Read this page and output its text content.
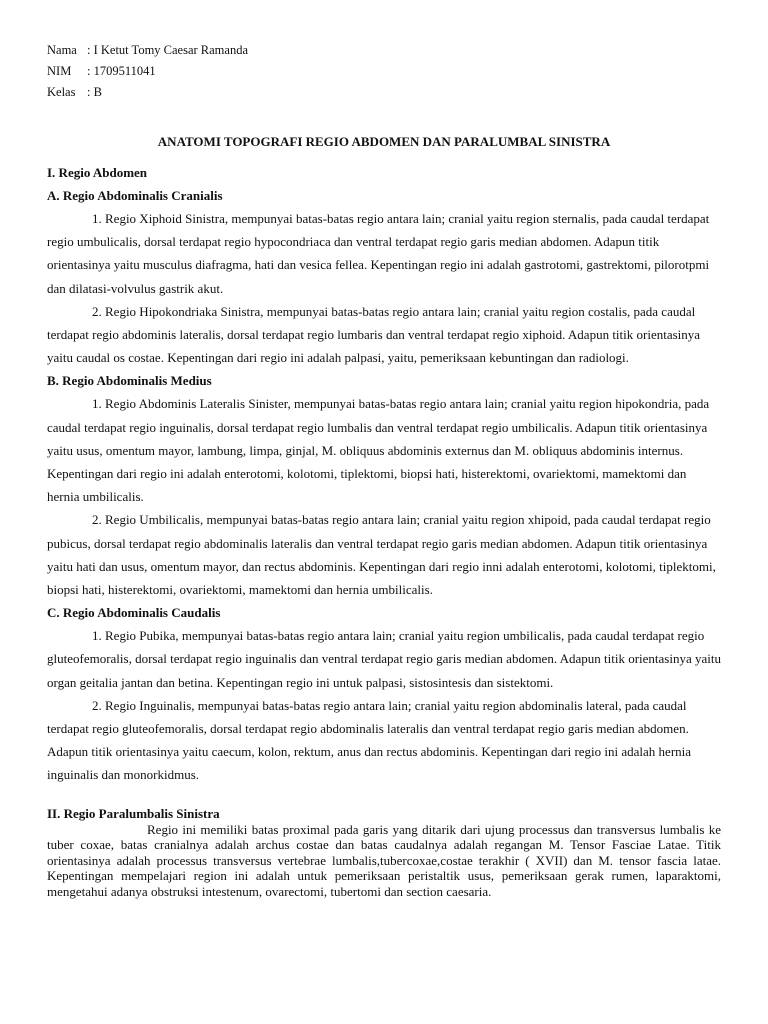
Nama : I Ketut Tomy Caesar Ramanda
NIM : 1709511041
Kelas : B
ANATOMI TOPOGRAFI REGIO ABDOMEN DAN PARALUMBAL SINISTRA
I. Regio Abdomen
A. Regio Abdominalis Cranialis

1. Regio Xiphoid Sinistra, mempunyai batas-batas regio antara lain; cranial yaitu region sternalis, pada caudal terdapat regio umbulicalis, dorsal terdapat regio hypocondriaca dan ventral terdapat regio garis median abdomen. Adapun titik orientasinya yaitu musculus diafragma, hati dan vesica fellea. Kepentingan regio ini adalah gastrotomi, gastrektomi, pilorotpmi dan dilatasi-volvulus gastrik akut.

2. Regio Hipokondriaka Sinistra, mempunyai batas-batas regio antara lain; cranial yaitu region costalis, pada caudal terdapat regio abdominis lateralis, dorsal terdapat regio lumbaris dan ventral terdapat regio xiphoid. Adapun titik orientasinya yaitu caudal os costae. Kepentingan dari regio ini adalah palpasi, yaitu, pemeriksaan kebuntingan dan radiologi.

B. Regio Abdominalis Medius

1. Regio Abdominis Lateralis Sinister, mempunyai batas-batas regio antara lain; cranial yaitu region hipokondria, pada caudal terdapat regio inguinalis, dorsal terdapat regio lumbalis dan ventral terdapat regio umbilicalis. Adapun titik orientasinya yaitu usus, omentum mayor, lambung, limpa, ginjal, M. obliquus abdominis externus dan M. obliquus abdominis internus. Kepentingan dari regio ini adalah enterotomi, kolotomi, tiplektomi, biopsi hati, histerektomi, ovariektomi, mamektomi dan hernia umbilicalis.

2. Regio Umbilicalis, mempunyai batas-batas regio antara lain; cranial yaitu region xhipoid, pada caudal terdapat regio pubicus, dorsal terdapat regio abdominalis lateralis dan ventral terdapat regio garis median abdomen. Adapun titik orientasinya yaitu hati dan usus, omentum mayor, dan rectus abdominis. Kepentingan dari regio inni adalah enterotomi, kolotomi, tiplektomi, biopsi hati, histerektomi, ovariektomi, mamektomi dan hernia umbilicalis.

C. Regio Abdominalis Caudalis

1. Regio Pubika, mempunyai batas-batas regio antara lain; cranial yaitu region umbilicalis, pada caudal terdapat regio gluteofemoralis, dorsal terdapat regio inguinalis dan ventral terdapat regio garis median abdomen. Adapun titik orientasinya yaitu organ geitalia jantan dan betina. Kepentingan regio ini untuk palpasi, sistosintesis dan sistektomi.

2. Regio Inguinalis, mempunyai batas-batas regio antara lain; cranial yaitu region abdominalis lateral, pada caudal terdapat regio gluteofemoralis, dorsal terdapat regio abdominalis lateralis dan ventral terdapat regio garis median abdomen. Adapun titik orientasinya yaitu caecum, kolon, rektum, anus dan rectus abdominis. Kepentingan dari regio ini adalah hernia inguinalis dan monorkidmus.

II. Regio Paralumbalis Sinistra

Regio ini memiliki batas proximal pada garis yang ditarik dari ujung processus dan transversus lumbalis ke tuber coxae, batas cranialnya adalah archus costae dan batas caudalnya adalah regangan M. Tensor Fasciae Latae. Titik orientasinya adalah processus transversus vertebrae lumbalis,tubercoxae,costae terakhir ( XVII) dan M. tensor fascia latae. Kepentingan mempelajari region ini adalah untuk pemeriksaan peristaltik usus, pemeriksaan gerak rumen, laparaktomi, mengetahui adanya obstruksi intestenum, ovarectomi, tubertomi dan section caesaria.
